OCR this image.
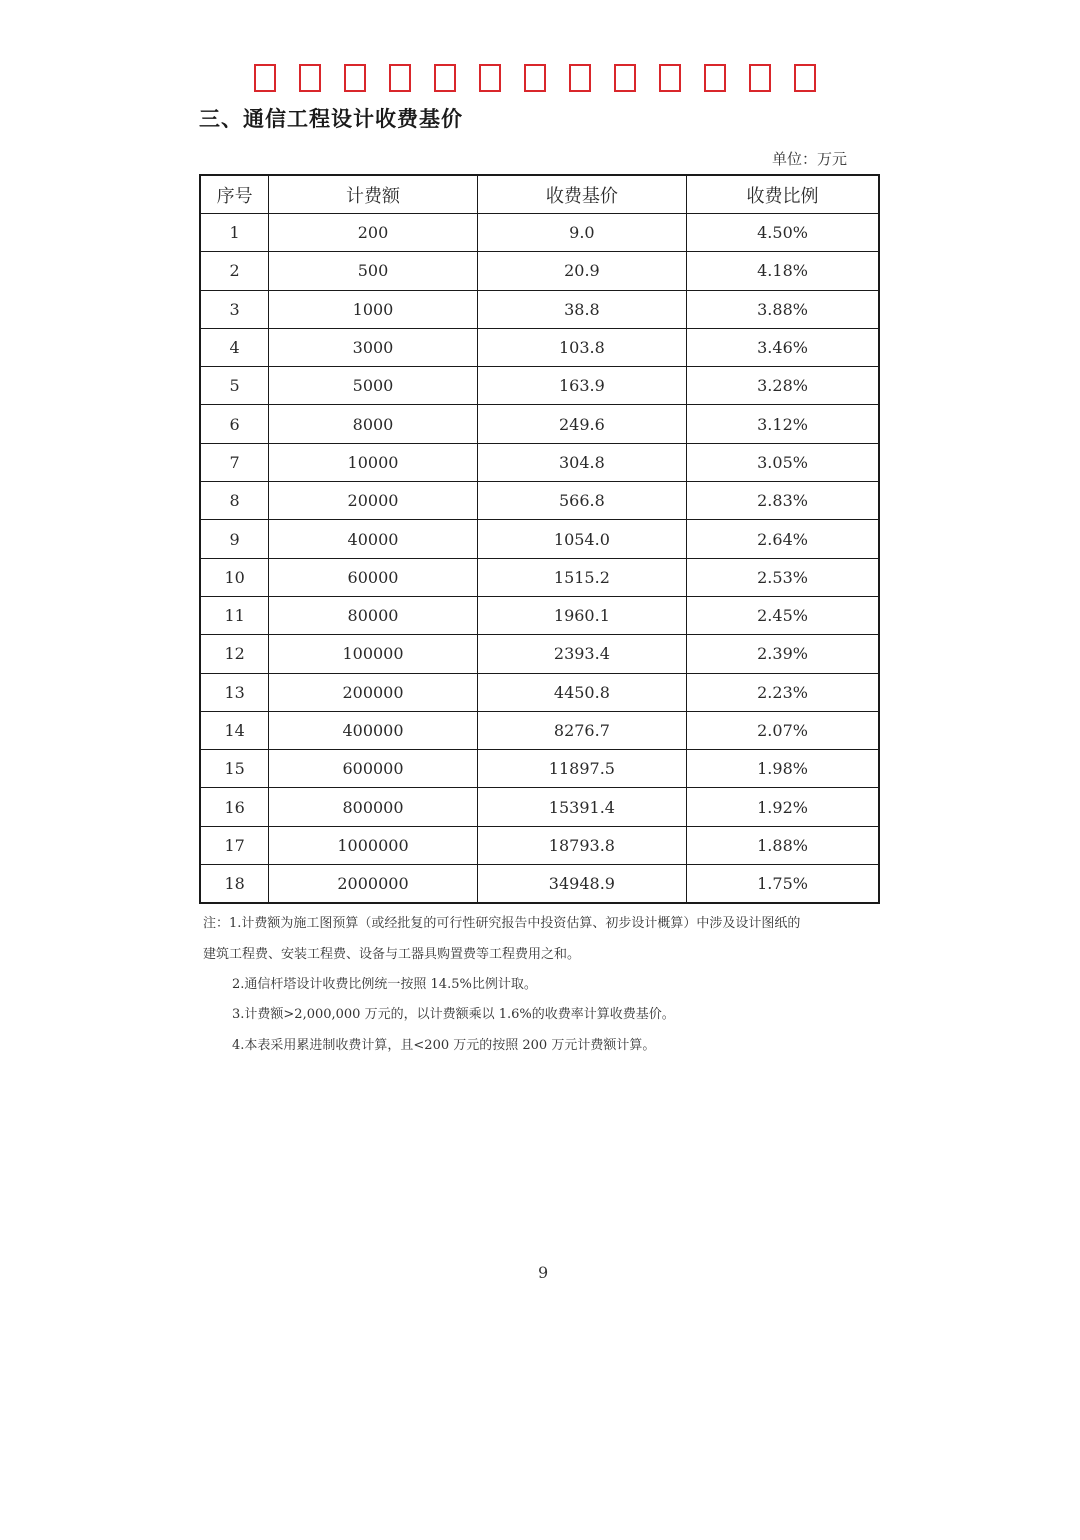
三、通信工程设计收费基价
单位：万元
序号	计费额	收费基价	收费比例
1	200	9.0	4.50%
2	500	20.9	4.18%
3	1000	38.8	3.88%
4	3000	103.8	3.46%
5	5000	163.9	3.28%
6	8000	249.6	3.12%
7	10000	304.8	3.05%
8	20000	566.8	2.83%
9	40000	1054.0	2.64%
10	60000	1515.2	2.53%
11	80000	1960.1	2.45%
12	100000	2393.4	2.39%
13	200000	4450.8	2.23%
14	400000	8276.7	2.07%
15	600000	11897.5	1.98%
16	800000	15391.4	1.92%
17	1000000	18793.8	1.88%
18	2000000	34948.9	1.75%
注：1.计费额为施工图预算（或经批复的可行性研究报告中投资估算、初步设计概算）中涉及设计图纸的
建筑工程费、安装工程费、设备与工器具购置费等工程费用之和。
2.通信杆塔设计收费比例统一按照 14.5%比例计取。
3.计费额>2,000,000 万元的，以计费额乘以 1.6%的收费率计算收费基价。
4.本表采用累进制收费计算，且<200 万元的按照 200 万元计费额计算。
9
